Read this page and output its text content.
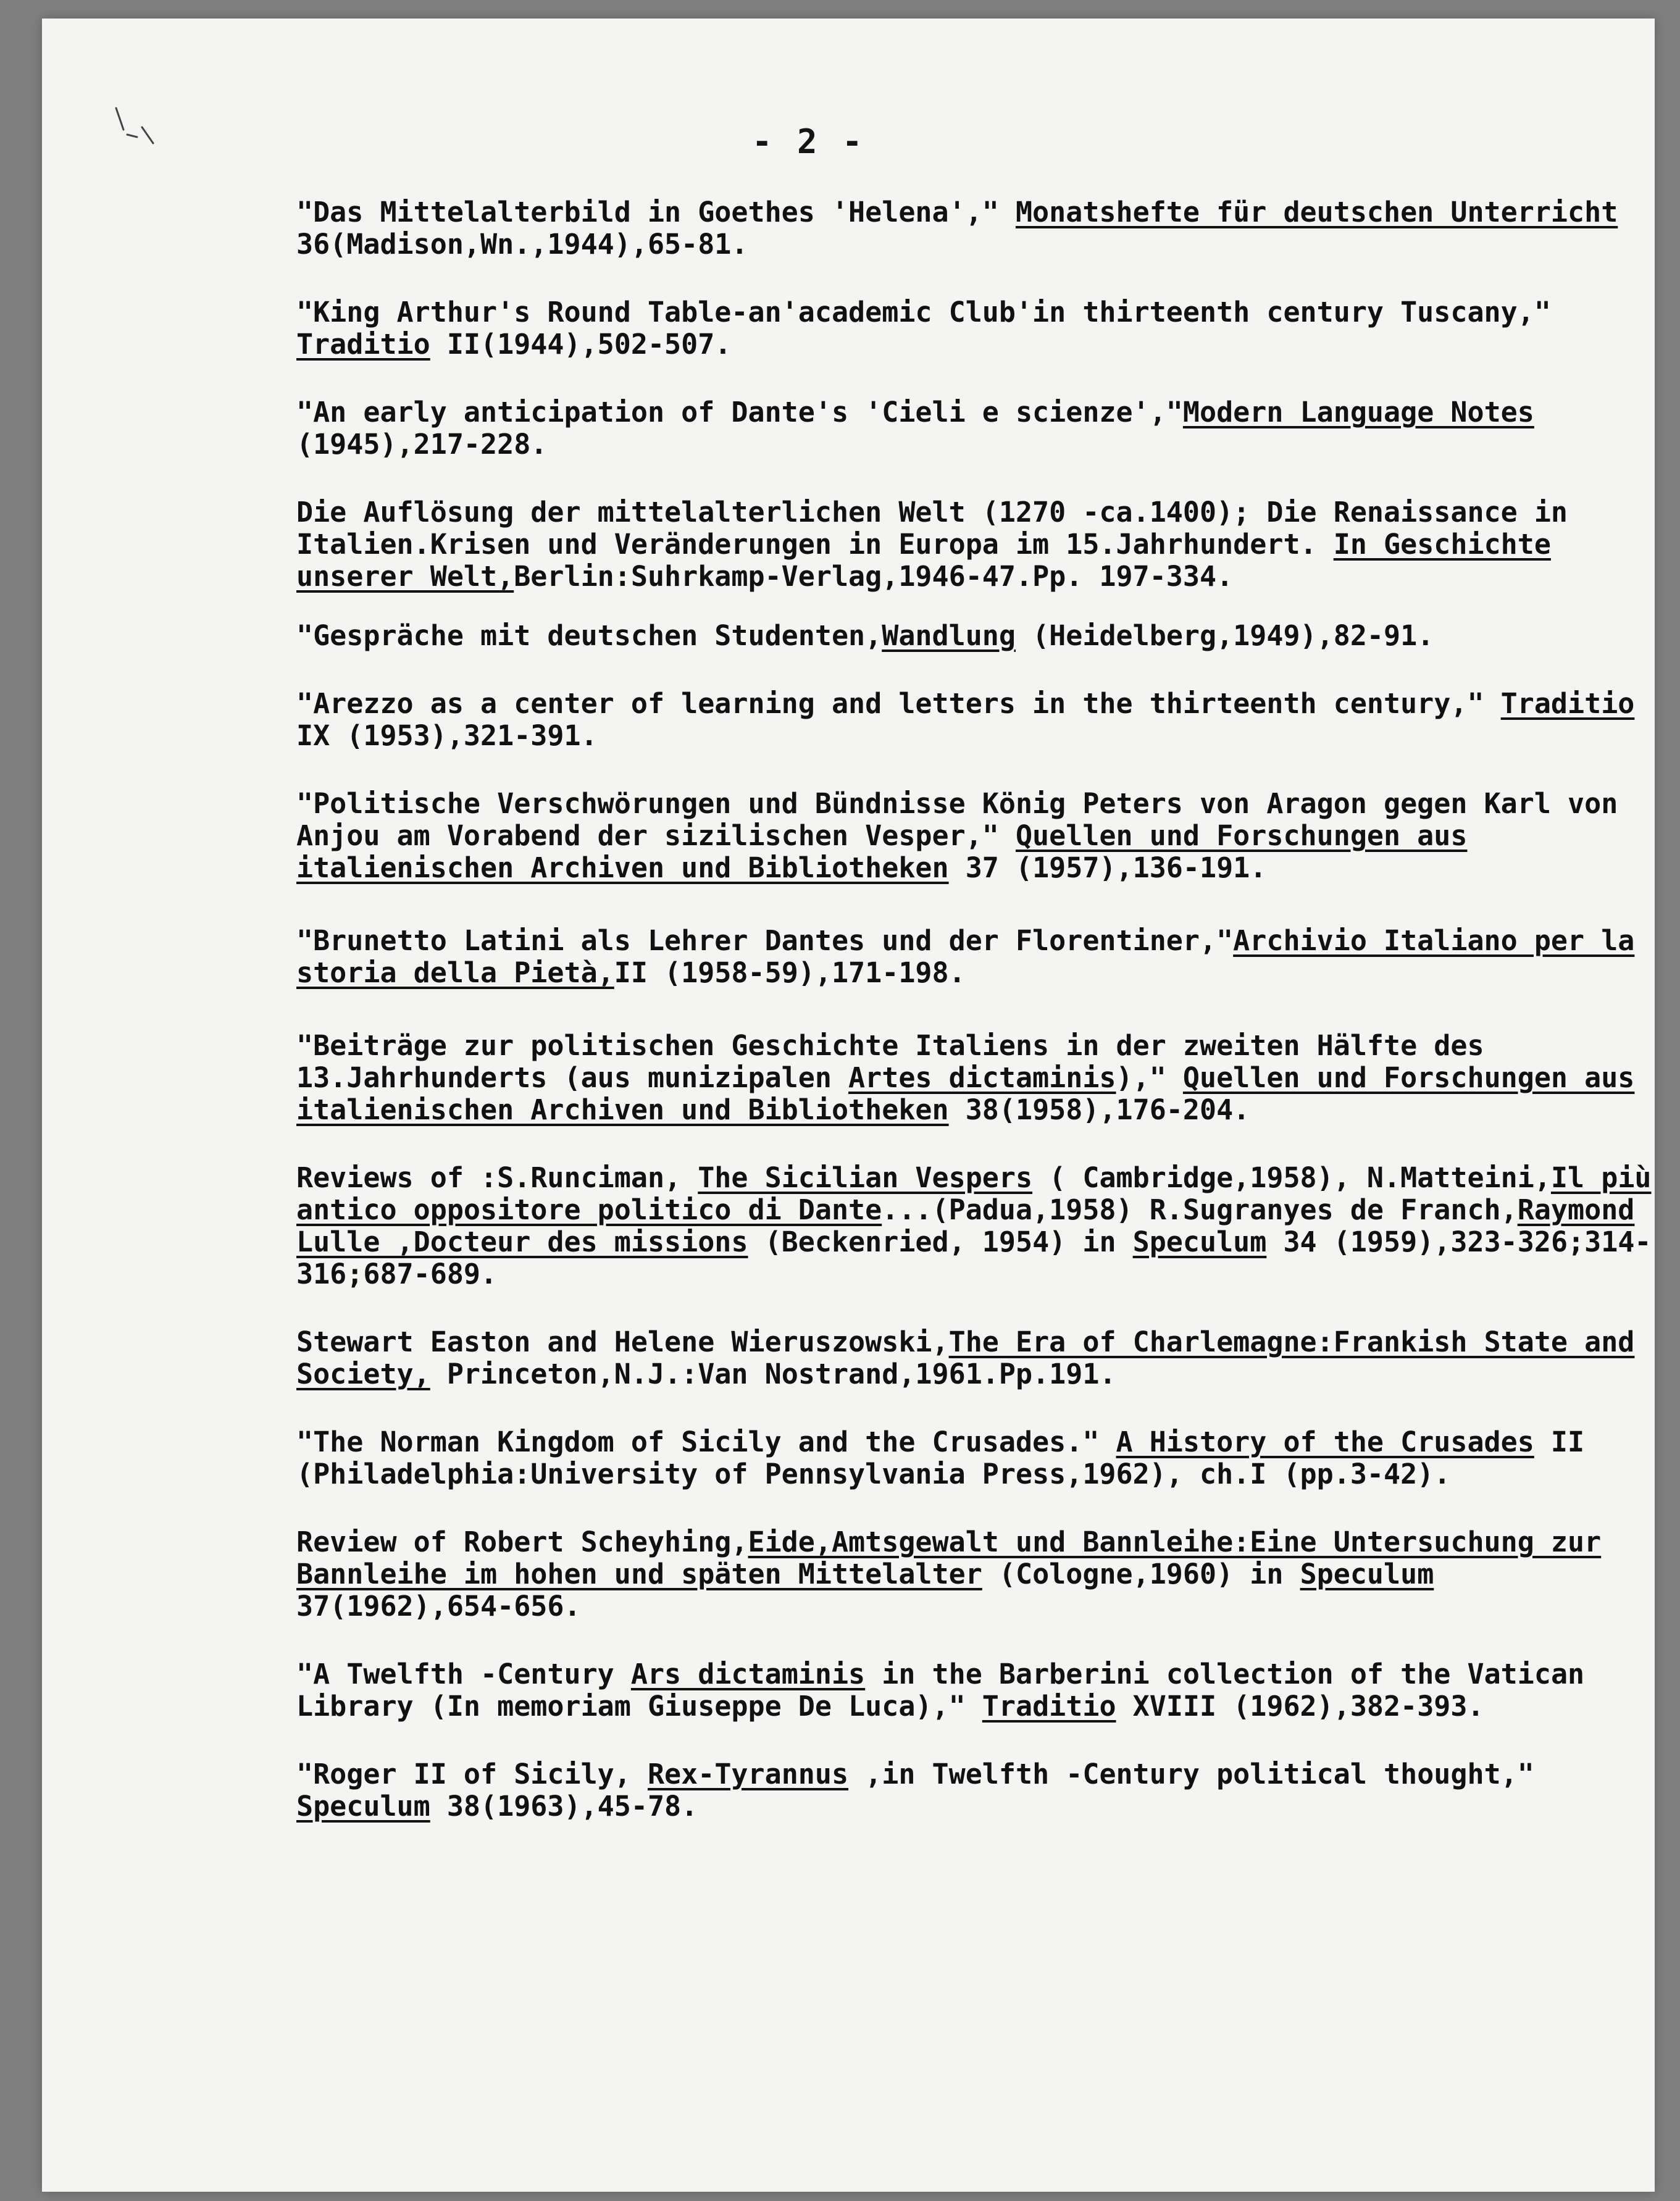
- 2 -
"Das Mittelalterbild in Goethes 'Helena'," Monatshefte für deutschen Unterricht 36(Madison,Wn.,1944),65-81.
"King Arthur's Round Table-an'academic Club'in thirteenth century Tuscany," Traditio II(1944),502-507.
"An early anticipation of Dante's 'Cieli e scienze',"Modern Language Notes (1945),217-228.
Die Auflösung der mittelalterlichen Welt (1270 -ca.1400); Die Renaissance in Italien.Krisen und Veränderungen in Europa im 15.Jahrhundert. In Geschichte unserer Welt,Berlin:Suhrkamp-Verlag,1946-47.Pp. 197-334.
"Gespräche mit deutschen Studenten,Wandlung (Heidelberg,1949),82-91.
"Arezzo as a center of learning and letters in the thirteenth century," Traditio IX (1953),321-391.
"Politische Verschwörungen und Bündnisse König Peters von Aragon gegen Karl von Anjou am Vorabend der sizilischen Vesper," Quellen und Forschungen aus italienischen Archiven und Bibliotheken 37 (1957),136-191.
"Brunetto Latini als Lehrer Dantes und der Florentiner,"Archivio Italiano per la storia della Pietà,II (1958-59),171-198.
"Beiträge zur politischen Geschichte Italiens in der zweiten Hälfte des 13.Jahrhunderts (aus munizipalen Artes dictaminis)," Quellen und Forschungen aus italienischen Archiven und Bibliotheken 38(1958),176-204.
Reviews of :S.Runciman, The Sicilian Vespers ( Cambridge,1958), N.Matteini,Il più antico oppositore politico di Dante...(Padua,1958) R.Sugranyes de Franch,Raymond Lulle ,Docteur des missions (Beckenried, 1954) in Speculum 34 (1959),323-326;314-316;687-689.
Stewart Easton and Helene Wieruszowski,The Era of Charlemagne:Frankish State and Society, Princeton,N.J.:Van Nostrand,1961.Pp.191.
"The Norman Kingdom of Sicily and the Crusades." A History of the Crusades II (Philadelphia:University of Pennsylvania Press,1962), ch.I (pp.3-42).
Review of Robert Scheyhing,Eide,Amtsgewalt und Bannleihe:Eine Untersuchung zur Bannleihe im hohen und späten Mittelalter (Cologne,1960) in Speculum 37(1962),654-656.
"A Twelfth -Century Ars dictaminis in the Barberini collection of the Vatican Library (In memoriam Giuseppe De Luca)," Traditio XVIII (1962),382-393.
"Roger II of Sicily, Rex-Tyrannus ,in Twelfth -Century political thought," Speculum 38(1963),45-78.
